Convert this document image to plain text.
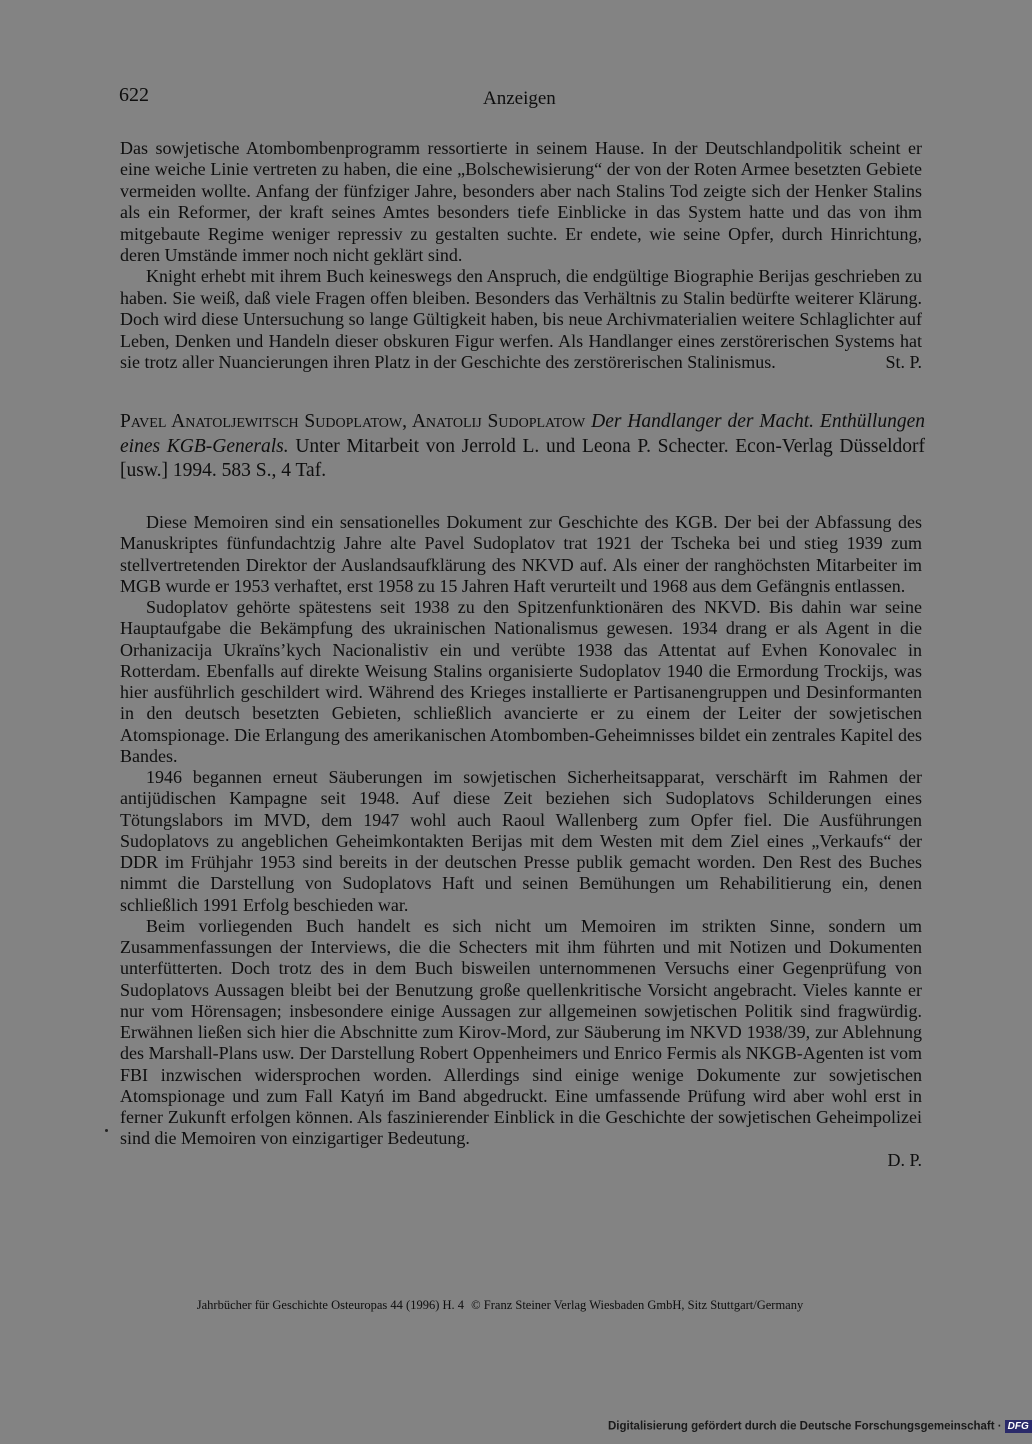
622	Anzeigen

Das sowjetische Atombombenprogramm ressortierte in seinem Hause. In der Deutschlandpolitik scheint er eine weiche Linie vertreten zu haben, die eine „Bolschewisierung“ der von der Roten Armee besetzten Gebiete vermeiden wollte. Anfang der fünfziger Jahre, besonders aber nach Stalins Tod zeigte sich der Henker Stalins als ein Reformer, der kraft seines Amtes besonders tiefe Einblicke in das System hatte und das von ihm mitgebaute Regime weniger repressiv zu gestalten suchte. Er endete, wie seine Opfer, durch Hinrichtung, deren Umstände immer noch nicht geklärt sind.

Knight erhebt mit ihrem Buch keineswegs den Anspruch, die endgültige Biographie Berijas geschrieben zu haben. Sie weiß, daß viele Fragen offen bleiben. Besonders das Verhältnis zu Stalin bedürfte weiterer Klärung. Doch wird diese Untersuchung so lange Gültigkeit haben, bis neue Archivmaterialien weitere Schlaglichter auf Leben, Denken und Handeln dieser obskuren Figur werfen. Als Handlanger eines zerstörerischen Systems hat sie trotz aller Nuancierungen ihren Platz in der Geschichte des zerstörerischen Stalinismus.	St. P.

Pavel Anatoljewitsch Sudoplatow, Anatolij Sudoplatow Der Handlanger der Macht. Enthüllungen eines KGB-Generals. Unter Mitarbeit von Jerrold L. und Leona P. Schecter. Econ-Verlag Düsseldorf [usw.] 1994. 583 S., 4 Taf.

Diese Memoiren sind ein sensationelles Dokument zur Geschichte des KGB. Der bei der Abfassung des Manuskriptes fünfundachtzig Jahre alte Pavel Sudoplatov trat 1921 der Tscheka bei und stieg 1939 zum stellvertretenden Direktor der Auslandsaufklärung des NKVD auf. Als einer der ranghöchsten Mitarbeiter im MGB wurde er 1953 verhaftet, erst 1958 zu 15 Jahren Haft verurteilt und 1968 aus dem Gefängnis entlassen.

Sudoplatov gehörte spätestens seit 1938 zu den Spitzenfunktionären des NKVD. Bis dahin war seine Hauptaufgabe die Bekämpfung des ukrainischen Nationalismus gewesen. 1934 drang er als Agent in die Orhanizacija Ukraїns’kych Nacionalistiv ein und verübte 1938 das Attentat auf Evhen Konovalec in Rotterdam. Ebenfalls auf direkte Weisung Stalins organisierte Sudoplatov 1940 die Ermordung Trockijs, was hier ausführlich geschildert wird. Während des Krieges installierte er Partisanengruppen und Desinformanten in den deutsch besetzten Gebieten, schließlich avancierte er zu einem der Leiter der sowjetischen Atomspionage. Die Erlangung des amerikanischen Atombomben-Geheimnisses bildet ein zentrales Kapitel des Bandes.

1946 begannen erneut Säuberungen im sowjetischen Sicherheitsapparat, verschärft im Rahmen der antijüdischen Kampagne seit 1948. Auf diese Zeit beziehen sich Sudoplatovs Schilderungen eines Tötungslabors im MVD, dem 1947 wohl auch Raoul Wallenberg zum Opfer fiel. Die Ausführungen Sudoplatovs zu angeblichen Geheimkontakten Berijas mit dem Westen mit dem Ziel eines „Verkaufs“ der DDR im Frühjahr 1953 sind bereits in der deutschen Presse publik gemacht worden. Den Rest des Buches nimmt die Darstellung von Sudoplatovs Haft und seinen Bemühungen um Rehabilitierung ein, denen schließlich 1991 Erfolg beschieden war.

Beim vorliegenden Buch handelt es sich nicht um Memoiren im strikten Sinne, sondern um Zusammenfassungen der Interviews, die die Schecters mit ihm führten und mit Notizen und Dokumenten unterfütterten. Doch trotz des in dem Buch bisweilen unternommenen Versuchs einer Gegenprüfung von Sudoplatovs Aussagen bleibt bei der Benutzung große quellenkritische Vorsicht angebracht. Vieles kannte er nur vom Hörensagen; insbesondere einige Aussagen zur allgemeinen sowjetischen Politik sind fragwürdig. Erwähnen ließen sich hier die Abschnitte zum Kirov-Mord, zur Säuberung im NKVD 1938/39, zur Ablehnung des Marshall-Plans usw. Der Darstellung Robert Oppenheimers und Enrico Fermis als NKGB-Agenten ist vom FBI inzwischen widersprochen worden. Allerdings sind einige wenige Dokumente zur sowjetischen Atomspionage und zum Fall Katyń im Band abgedruckt. Eine umfassende Prüfung wird aber wohl erst in ferner Zukunft erfolgen können. Als faszinierender Einblick in die Geschichte der sowjetischen Geheimpolizei sind die Memoiren von einzigartiger Bedeutung.

D. P.

Jahrbücher für Geschichte Osteuropas 44 (1996) H. 4 © Franz Steiner Verlag Wiesbaden GmbH, Sitz Stuttgart/Germany
Digitalisierung gefördert durch die Deutsche Forschungsgemeinschaft · DFG
